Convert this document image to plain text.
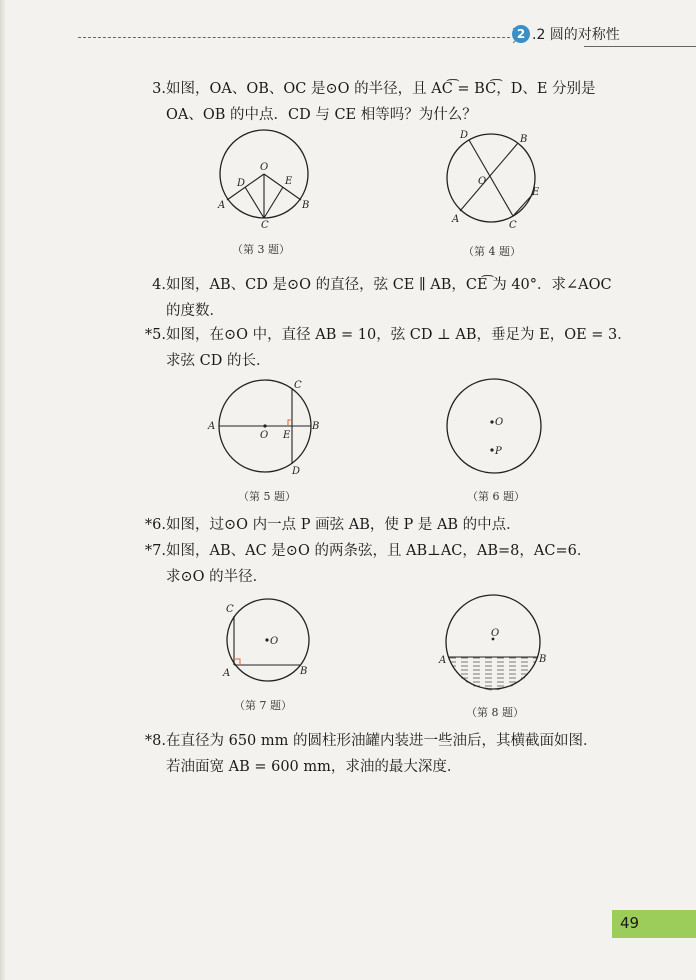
2 .2 圆的对称性
3. 如图，OA、OB、OC 是⊙O 的半径，且 AC͡ = BC͡，D、E 分别是
OA、OB 的中点．CD 与 CE 相等吗？为什么？
O
D	E
A	B
C
（第 3 题）
D	B
O
E
A
C
（第 4 题）
4. 如图，AB、CD 是⊙O 的直径，弦 CE ∥ AB，CE͡ 为 40°．求∠AOC
的度数．
*5. 如图，在⊙O 中，直径 AB = 10，弦 CD ⊥ AB，垂足为 E，OE = 3．
求弦 CD 的长．
A
O E
B
C
D
（第 5 题）
O
P
（第 6 题）
*6. 如图，过⊙O 内一点 P 画弦 AB，使 P 是 AB 的中点．
*7. 如图，AB、AC 是⊙O 的两条弦，且 AB⊥AC，AB=8，AC=6．
求⊙O 的半径．
C
O
A	B
（第 7 题）
O
A	B
（第 8 题）
*8. 在直径为 650 mm 的圆柱形油罐内装进一些油后，其横截面如图．
若油面宽 AB = 600 mm，求油的最大深度．
49
